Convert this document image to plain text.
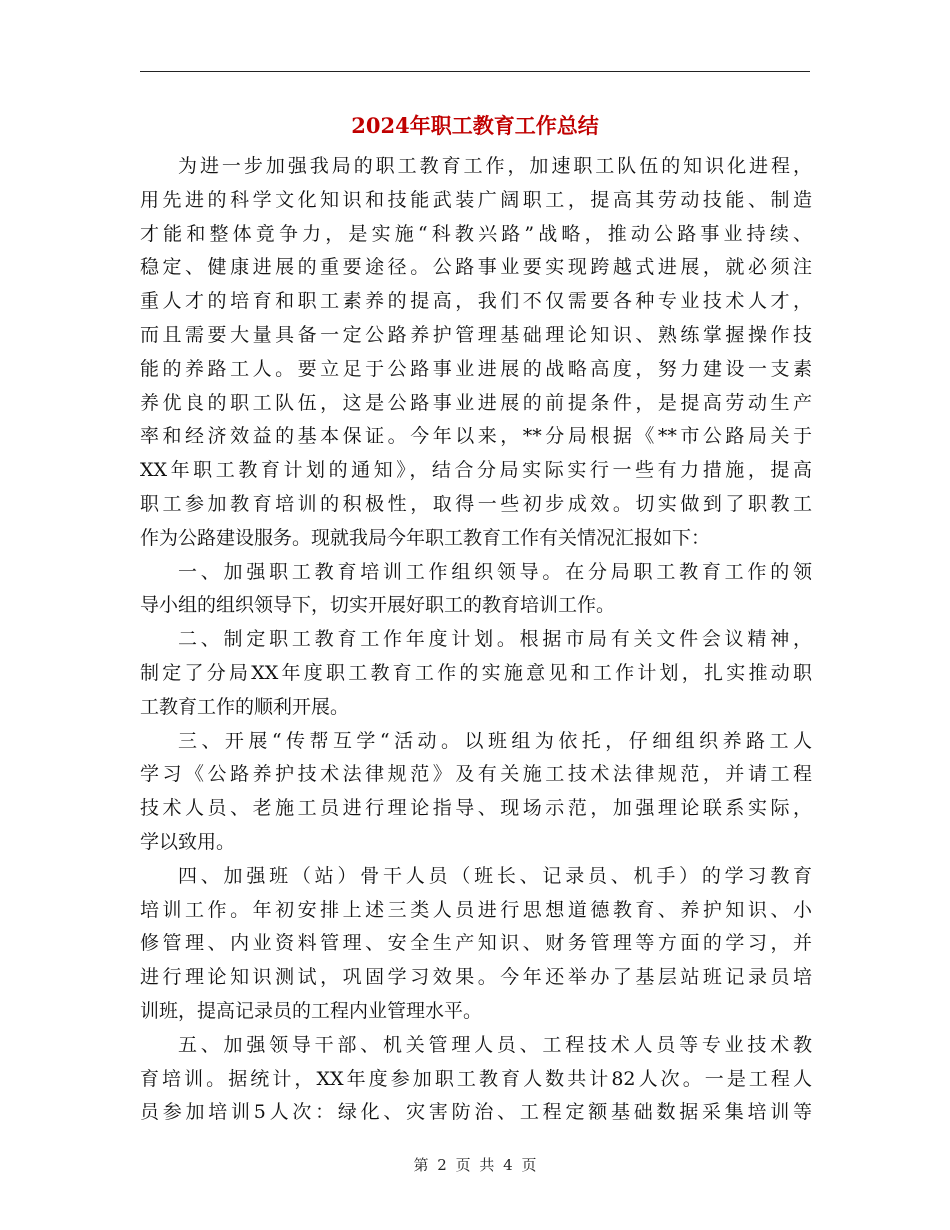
2024年职工教育工作总结
为进一步加强我局的职工教育工作，加速职工队伍的知识化进程，
用先进的科学文化知识和技能武装广阔职工，提高其劳动技能、制造
才能和整体竟争力，是实施“科教兴路”战略，推动公路事业持续、
稳定、健康进展的重要途径。公路事业要实现跨越式进展，就必须注
重人才的培育和职工素养的提高，我们不仅需要各种专业技术人才，
而且需要大量具备一定公路养护管理基础理论知识、熟练掌握操作技
能的养路工人。要立足于公路事业进展的战略高度，努力建设一支素
养优良的职工队伍，这是公路事业进展的前提条件，是提高劳动生产
率和经济效益的基本保证。今年以来，**分局根据《**市公路局关于
XX年职工教育计划的通知》，结合分局实际实行一些有力措施，提高
职工参加教育培训的积极性，取得一些初步成效。切实做到了职教工
作为公路建设服务。现就我局今年职工教育工作有关情况汇报如下：
一、加强职工教育培训工作组织领导。在分局职工教育工作的领
导小组的组织领导下，切实开展好职工的教育培训工作。
二、制定职工教育工作年度计划。根据市局有关文件会议精神，
制定了分局XX年度职工教育工作的实施意见和工作计划，扎实推动职
工教育工作的顺利开展。
三、开展“传帮互学“活动。以班组为依托，仔细组织养路工人
学习《公路养护技术法律规范》及有关施工技术法律规范，并请工程
技术人员、老施工员进行理论指导、现场示范，加强理论联系实际，
学以致用。
四、加强班（站）骨干人员（班长、记录员、机手）的学习教育
培训工作。年初安排上述三类人员进行思想道德教育、养护知识、小
修管理、内业资料管理、安全生产知识、财务管理等方面的学习，并
进行理论知识测试，巩固学习效果。今年还举办了基层站班记录员培
训班，提高记录员的工程内业管理水平。
五、加强领导干部、机关管理人员、工程技术人员等专业技术教
育培训。据统计，XX年度参加职工教育人数共计82人次。一是工程人
员参加培训5人次：绿化、灾害防治、工程定额基础数据采集培训等
第 2 页 共 4 页
